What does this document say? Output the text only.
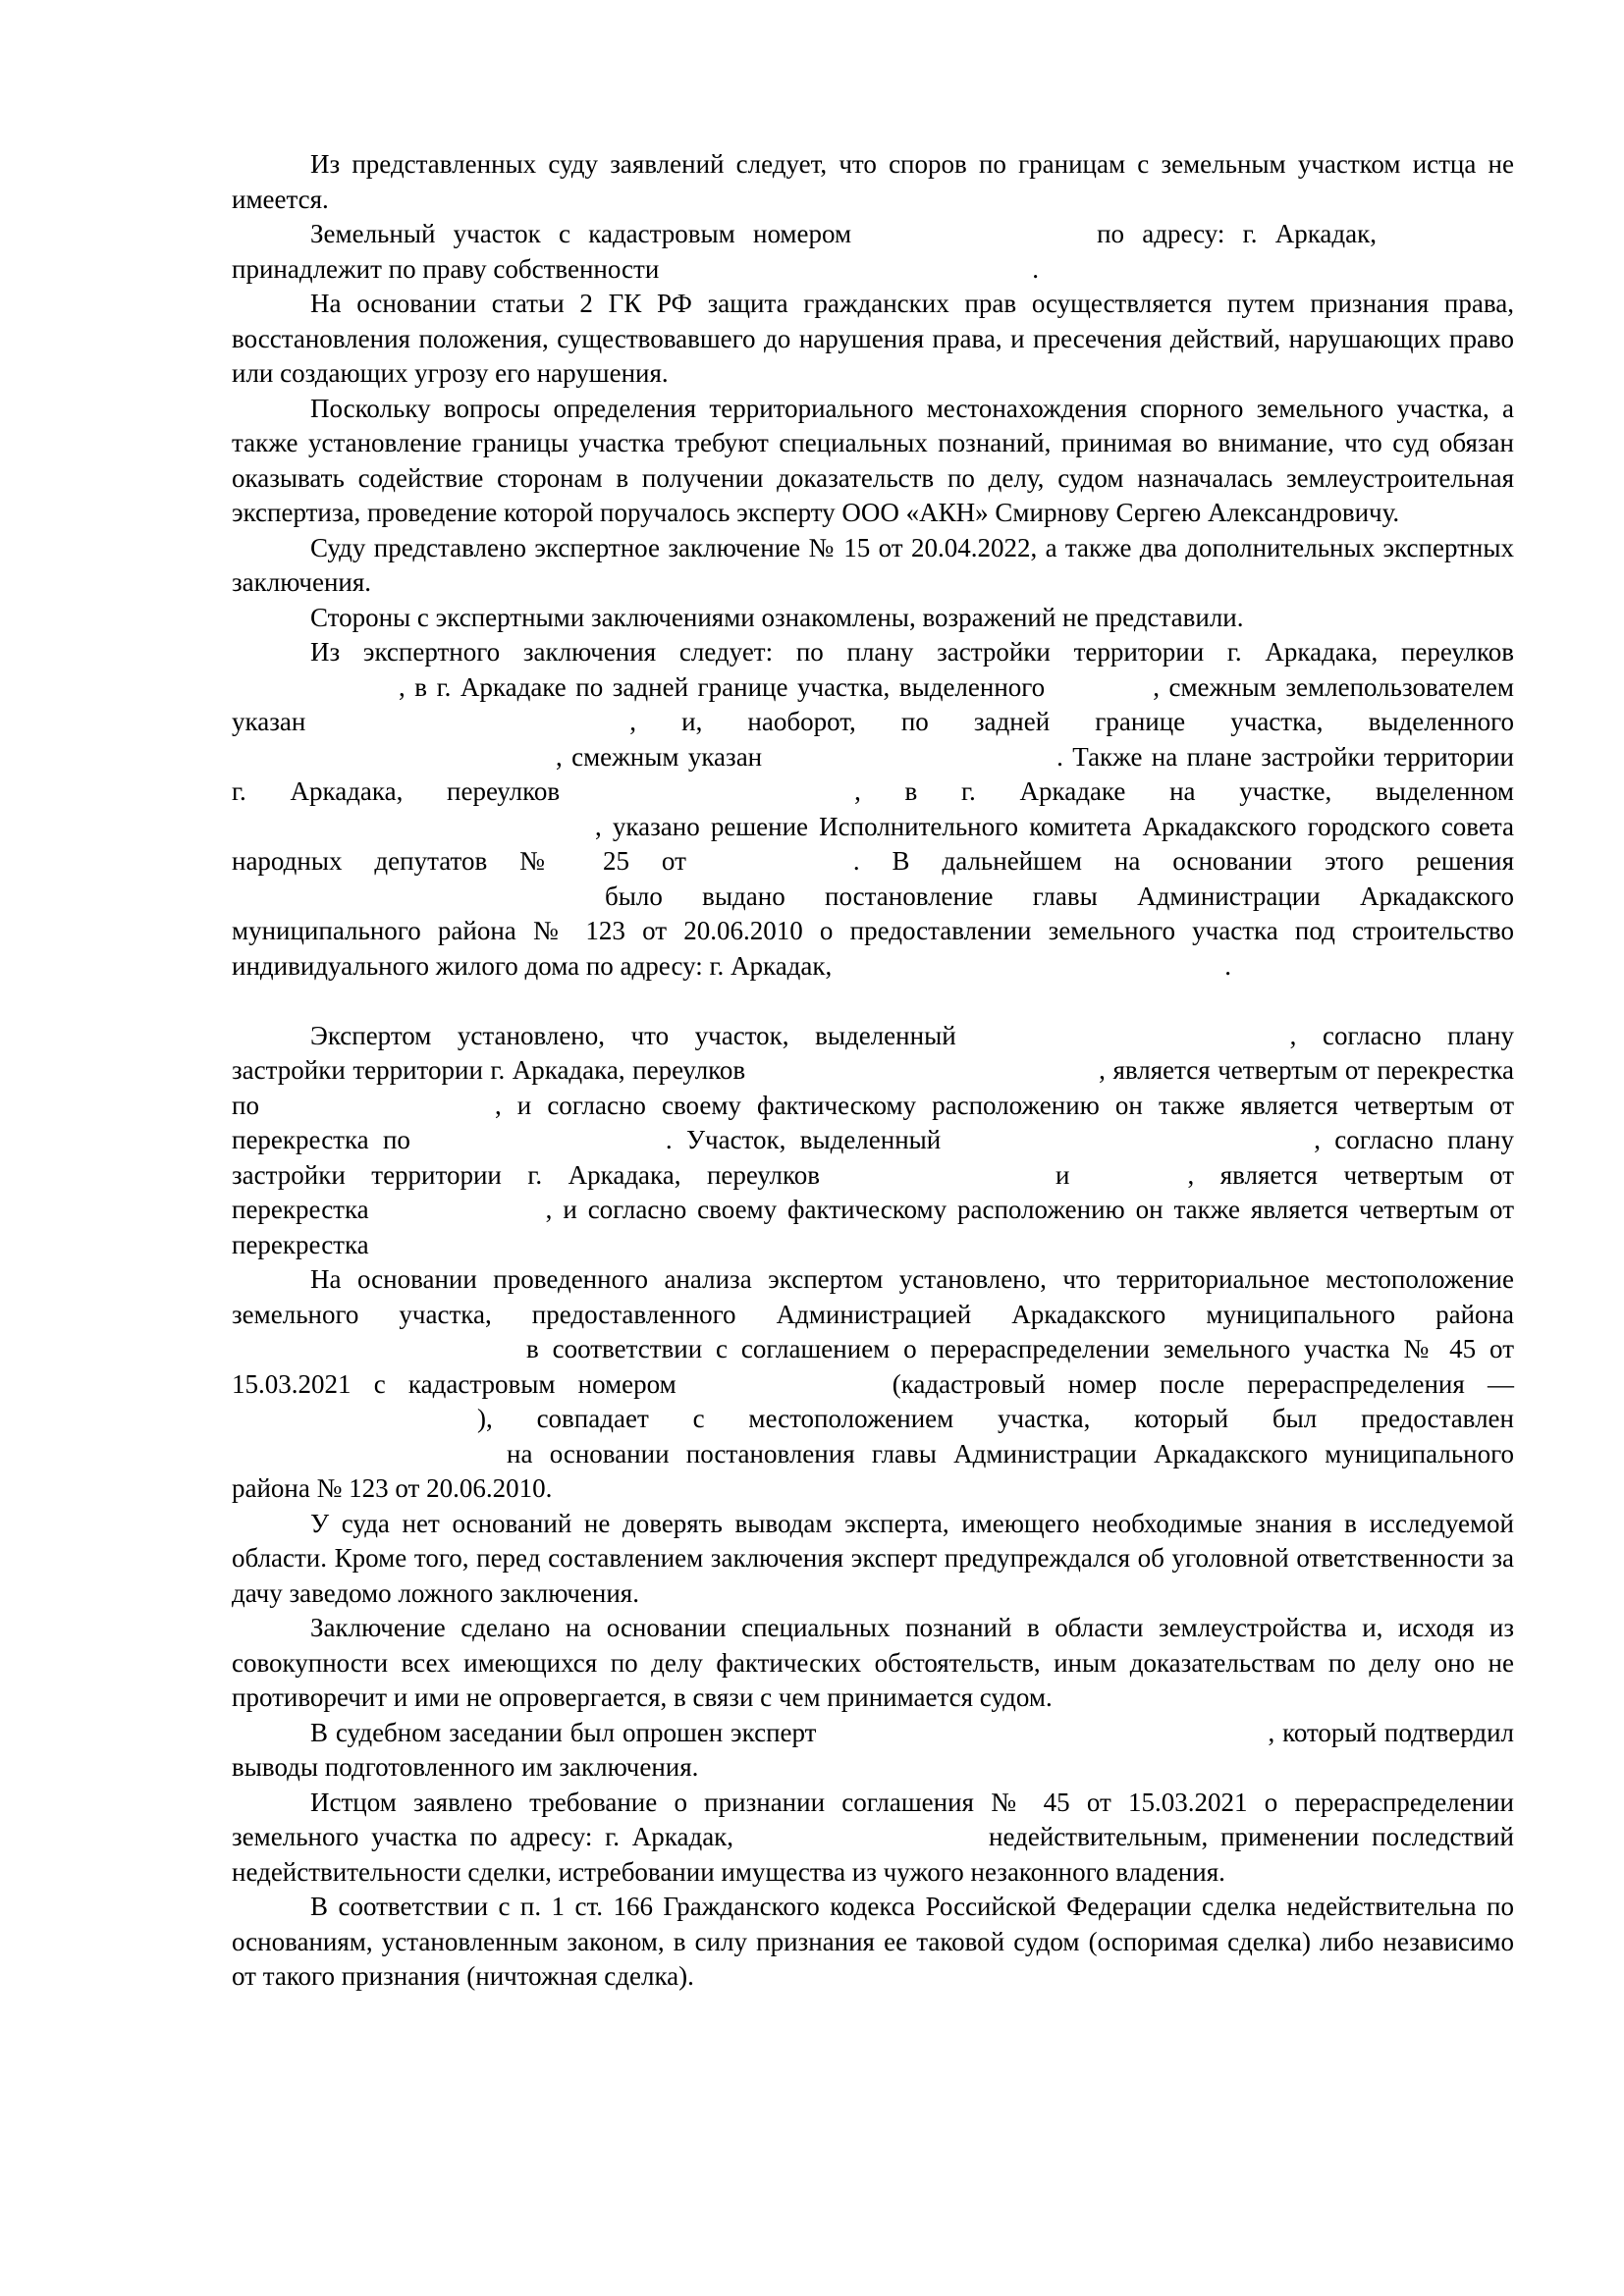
Из представленных суду заявлений следует, что споров по границам с земельным участком истца не имеется.

Земельный участок с кадастровым номером	по адресу: г. Аркадак,принадлежит по праву собственности	.

На основании статьи 2 ГК РФ защита гражданских прав осуществляется путем признания права, восстановления положения, существовавшего до нарушения права, и пресечения действий, нарушающих право или создающих угрозу его нарушения.

Поскольку вопросы определения территориального местонахождения спорного земельного участка, а также установление границы участка требуют специальных познаний, принимая во внимание, что суд обязан оказывать содействие сторонам в получении доказательств по делу, судом назначалась землеустроительная экспертиза, проведение которой поручалось эксперту ООО «АКН» Смирнову Сергею Александровичу.

Суду представлено экспертное заключение № 15 от 20.04.2022, а также два дополнительных экспертных заключения.

Стороны с экспертными заключениями ознакомлены, возражений не представили.

Из экспертного заключения следует: по плану застройки территории г. Аркадака, переулков, в г. Аркадаке по задней границе участка, выделенного	, смежным землепользователем указан	, и, наоборот, по задней границе участка, выделенного, смежным указан	. Также на плане застройки территории г. Аркадака, переулков	, в г. Аркадаке на участке, выделенном, указано решение Исполнительного комитета Аркадакского городского совета народных депутатов № 25 от	. В дальнейшем на основании этого решениябыло выдано постановление главы Администрации Аркадакского муниципального района № 123 от 20.06.2010 о предоставлении земельного участка под строительство индивидуального жилого дома по адресу: г. Аркадак,	.

Экспертом установлено, что участок, выделенный	, согласно плану застройки территории г. Аркадака, переулков	, является четвертым от перекрестка по	, и согласно своему фактическому расположению он также является четвертым от перекрестка по	. Участок, выделенный	, согласно плану застройки территории г. Аркадака, переулков	и	, является четвертым от перекрестка	, и согласно своему фактическому расположению он также является четвертым от перекрестка

На основании проведенного анализа экспертом установлено, что территориальное местоположение земельного участка, предоставленного Администрацией Аркадакского муниципального районав соответствии с соглашением о перераспределении земельного участка № 45 от 15.03.2021 с кадастровым номером	(кадастровый номер после перераспределения —), совпадает с местоположением участка, который был предоставленна основании постановления главы Администрации Аркадакского муниципального района № 123 от 20.06.2010.

У суда нет оснований не доверять выводам эксперта, имеющего необходимые знания в исследуемой области. Кроме того, перед составлением заключения эксперт предупреждался об уголовной ответственности за дачу заведомо ложного заключения.

Заключение сделано на основании специальных познаний в области землеустройства и, исходя из совокупности всех имеющихся по делу фактических обстоятельств, иным доказательствам по делу оно не противоречит и ими не опровергается, в связи с чем принимается судом.

В судебном заседании был опрошен эксперт	, который подтвердил выводы подготовленного им заключения.

Истцом заявлено требование о признании соглашения № 45 от 15.03.2021 о перераспределении земельного участка по адресу: г. Аркадак,	недействительным, применении последствий недействительности сделки, истребовании имущества из чужого незаконного владения.

В соответствии с п. 1 ст. 166 Гражданского кодекса Российской Федерации сделка недействительна по основаниям, установленным законом, в силу признания ее таковой судом (оспоримая сделка) либо независимо от такого признания (ничтожная сделка).
